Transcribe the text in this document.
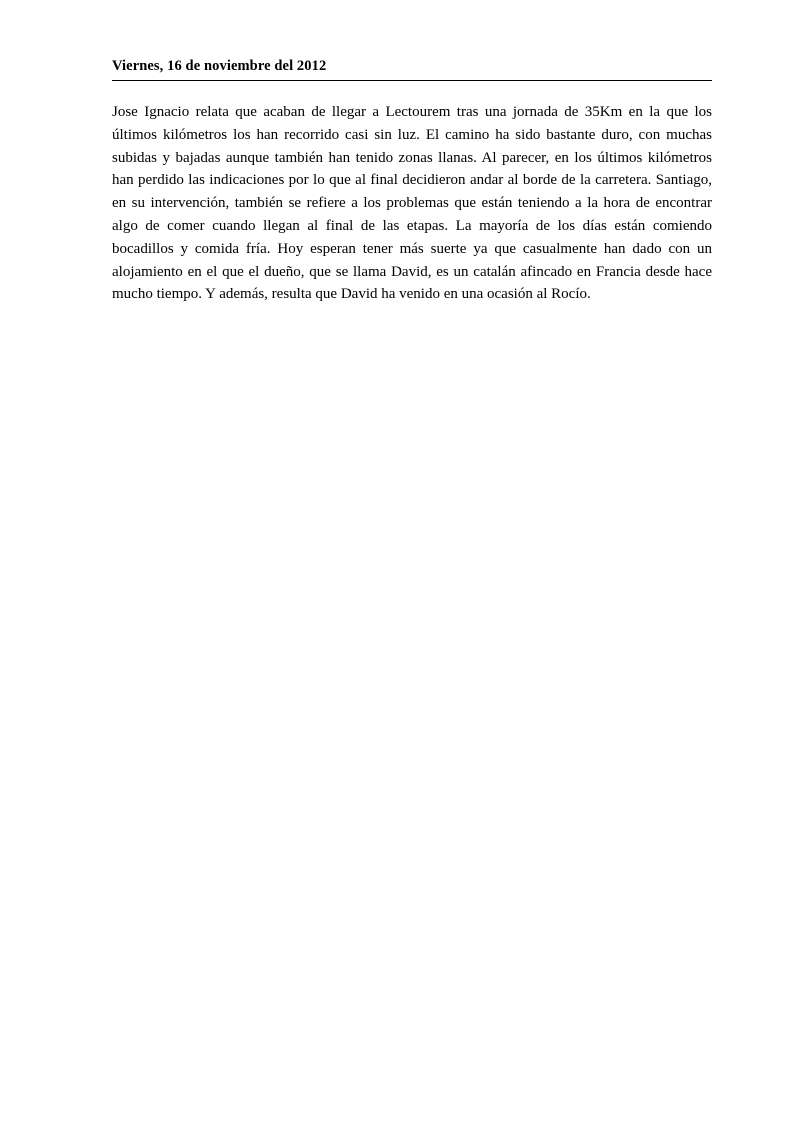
Viernes, 16 de noviembre del 2012

Jose Ignacio relata que acaban de llegar a Lectourem tras una jornada de 35Km en la que los últimos kilómetros los han recorrido casi sin luz. El camino ha sido bastante duro, con muchas subidas y bajadas aunque también han tenido zonas llanas. Al parecer, en los últimos kilómetros han perdido las indicaciones por lo que al final decidieron andar al borde de la carretera. Santiago, en su intervención, también se refiere a los problemas que están teniendo a la hora de encontrar algo de comer cuando llegan al final de las etapas. La mayoría de los días están comiendo bocadillos y comida fría. Hoy esperan tener más suerte ya que casualmente han dado con un alojamiento en el que el dueño, que se llama David, es un catalán afincado en Francia desde hace mucho tiempo. Y además, resulta que David ha venido en una ocasión al Rocío.
